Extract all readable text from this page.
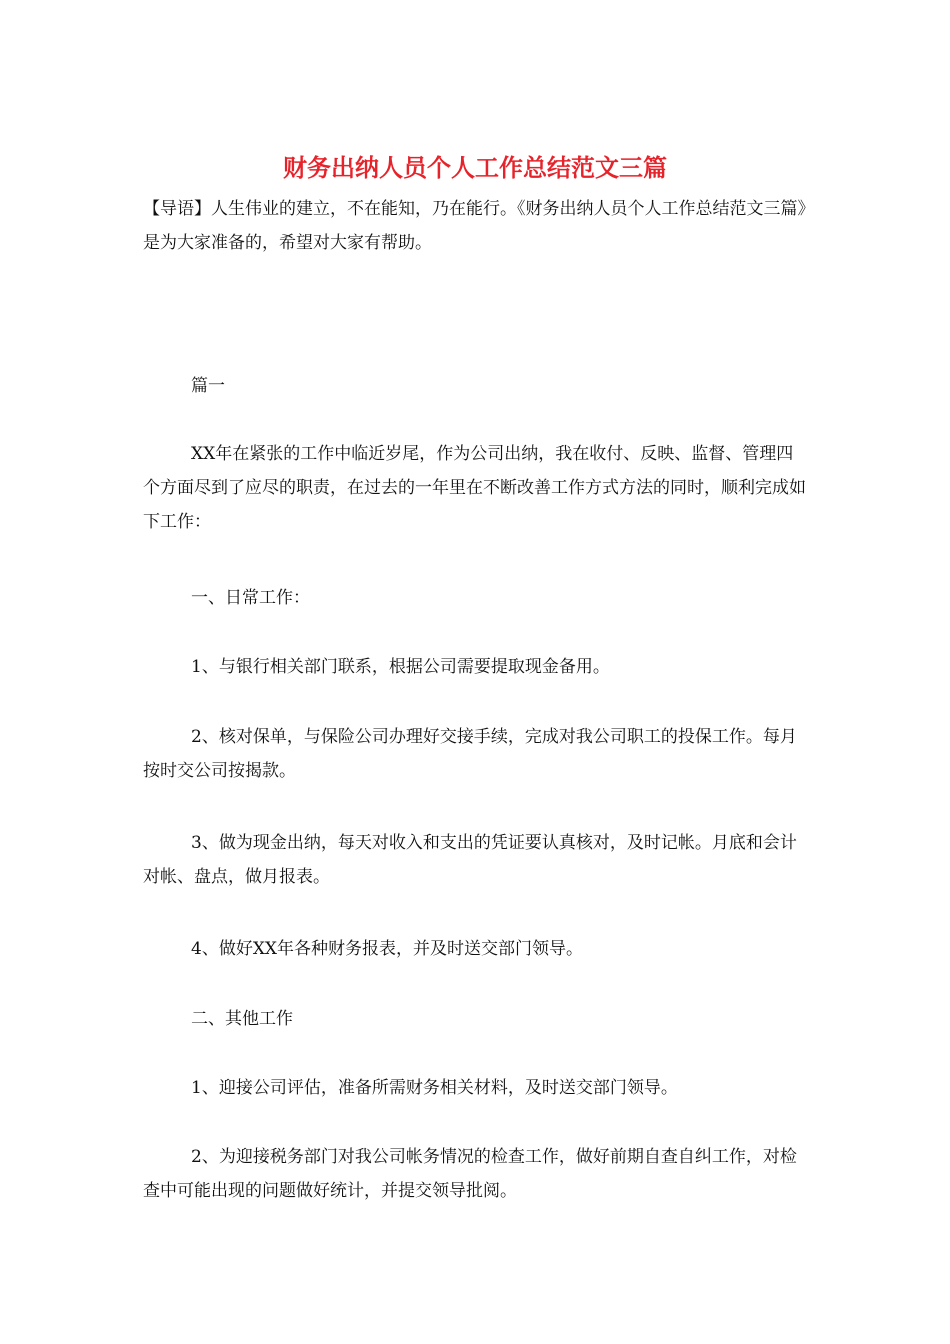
财务出纳人员个人工作总结范文三篇

【导语】人生伟业的建立，不在能知，乃在能行。《财务出纳人员个人工作总结范文三篇》是为大家准备的，希望对大家有帮助。

篇一

XX年在紧张的工作中临近岁尾，作为公司出纳，我在收付、反映、监督、管理四个方面尽到了应尽的职责，在过去的一年里在不断改善工作方式方法的同时，顺利完成如下工作：

一、日常工作：

1、与银行相关部门联系，根据公司需要提取现金备用。

2、核对保单，与保险公司办理好交接手续，完成对我公司职工的投保工作。每月按时交公司按揭款。

3、做为现金出纳，每天对收入和支出的凭证要认真核对，及时记帐。月底和会计对帐、盘点，做月报表。

4、做好XX年各种财务报表，并及时送交部门领导。

二、其他工作

1、迎接公司评估，准备所需财务相关材料，及时送交部门领导。

2、为迎接税务部门对我公司帐务情况的检查工作，做好前期自查自纠工作，对检查中可能出现的问题做好统计，并提交领导批阅。
